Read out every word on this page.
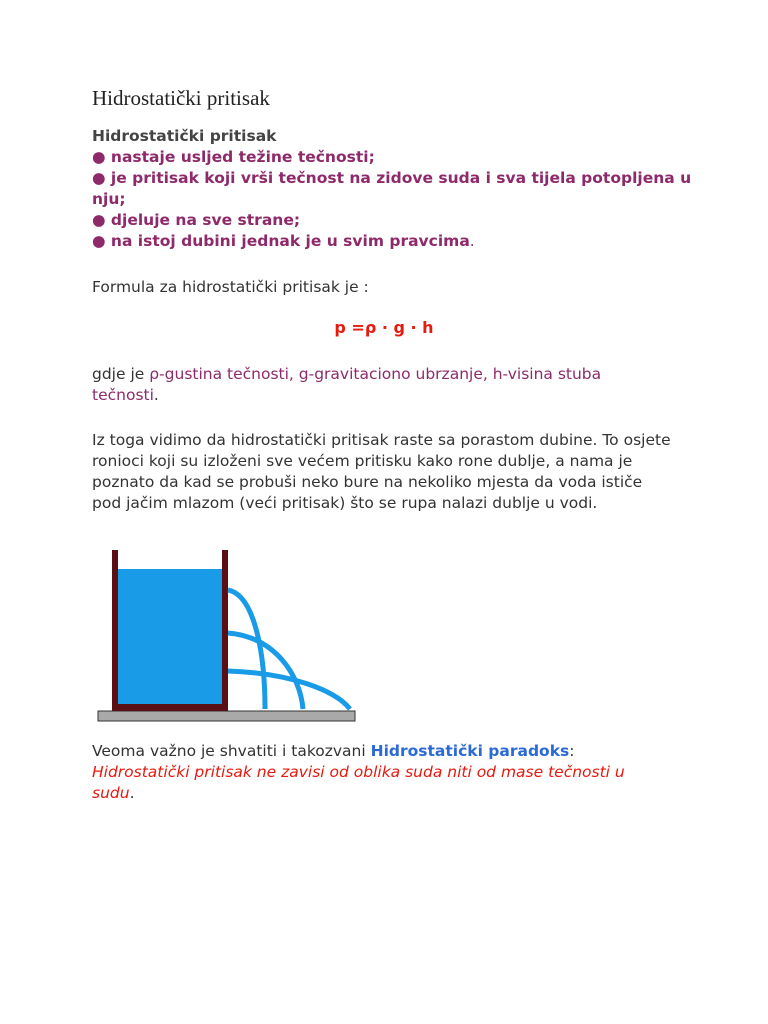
Hidrostatički pritisak
Hidrostatički pritisak
● nastaje usljed težine tečnosti;
● je pritisak koji vrši tečnost na zidove suda i sva tijela potopljena u nju;
● djeluje na sve strane;
● na istoj dubini jednak je u svim pravcima.
Formula za hidrostatički pritisak je :
p =ρ · g · h
gdje je ρ-gustina tečnosti, g-gravitaciono ubrzanje, h-visina stuba tečnosti.
Iz toga vidimo da hidrostatički pritisak raste sa porastom dubine. To osjete ronioci koji su izloženi sve većem pritisku kako rone dublje, a nama je poznato da kad se probuši neko bure na nekoliko mjesta da voda ističe pod jačim mlazom (veći pritisak) što se rupa nalazi dublje u vodi.
Veoma važno je shvatiti i takozvani Hidrostatički paradoks:
Hidrostatički pritisak ne zavisi od oblika suda niti od mase tečnosti u sudu.
